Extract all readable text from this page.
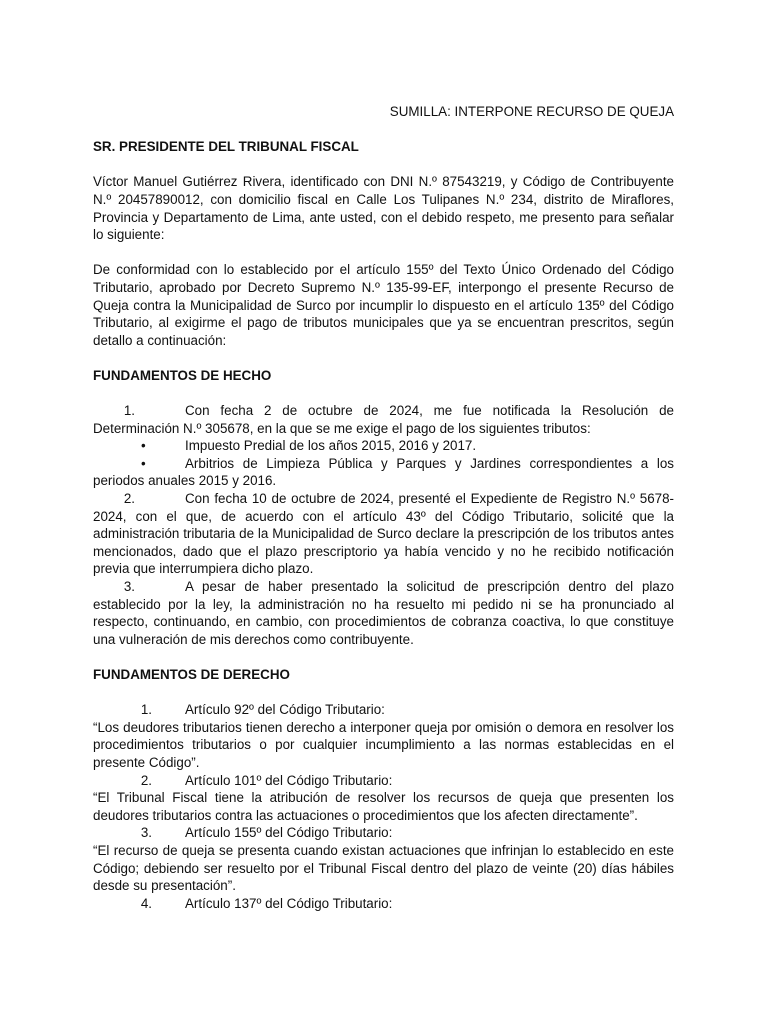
SUMILLA: INTERPONE RECURSO DE QUEJA

SR. PRESIDENTE DEL TRIBUNAL FISCAL

Víctor Manuel Gutiérrez Rivera, identificado con DNI N.º 87543219, y Código de Contribuyente N.º 20457890012, con domicilio fiscal en Calle Los Tulipanes N.º 234, distrito de Miraflores, Provincia y Departamento de Lima, ante usted, con el debido respeto, me presento para señalar lo siguiente:

De conformidad con lo establecido por el artículo 155º del Texto Único Ordenado del Código Tributario, aprobado por Decreto Supremo N.º 135-99-EF, interpongo el presente Recurso de Queja contra la Municipalidad de Surco por incumplir lo dispuesto en el artículo 135º del Código Tributario, al exigirme el pago de tributos municipales que ya se encuentran prescritos, según detallo a continuación:

FUNDAMENTOS DE HECHO

1.	Con fecha 2 de octubre de 2024, me fue notificada la Resolución de Determinación N.º 305678, en la que se me exige el pago de los siguientes tributos:

•	Impuesto Predial de los años 2015, 2016 y 2017.

•	Arbitrios de Limpieza Pública y Parques y Jardines correspondientes a los periodos anuales 2015 y 2016.

2.	Con fecha 10 de octubre de 2024, presenté el Expediente de Registro N.º 5678-2024, con el que, de acuerdo con el artículo 43º del Código Tributario, solicité que la administración tributaria de la Municipalidad de Surco declare la prescripción de los tributos antes mencionados, dado que el plazo prescriptorio ya había vencido y no he recibido notificación previa que interrumpiera dicho plazo.

3.	A pesar de haber presentado la solicitud de prescripción dentro del plazo establecido por la ley, la administración no ha resuelto mi pedido ni se ha pronunciado al respecto, continuando, en cambio, con procedimientos de cobranza coactiva, lo que constituye una vulneración de mis derechos como contribuyente.

FUNDAMENTOS DE DERECHO

1. Artículo 92º del Código Tributario:

“Los deudores tributarios tienen derecho a interponer queja por omisión o demora en resolver los procedimientos tributarios o por cualquier incumplimiento a las normas establecidas en el presente Código”.

2. Artículo 101º del Código Tributario:

“El Tribunal Fiscal tiene la atribución de resolver los recursos de queja que presenten los deudores tributarios contra las actuaciones o procedimientos que los afecten directamente”.

3. Artículo 155º del Código Tributario:

“El recurso de queja se presenta cuando existan actuaciones que infrinjan lo establecido en este Código; debiendo ser resuelto por el Tribunal Fiscal dentro del plazo de veinte (20) días hábiles desde su presentación”.

4. Artículo 137º del Código Tributario:
